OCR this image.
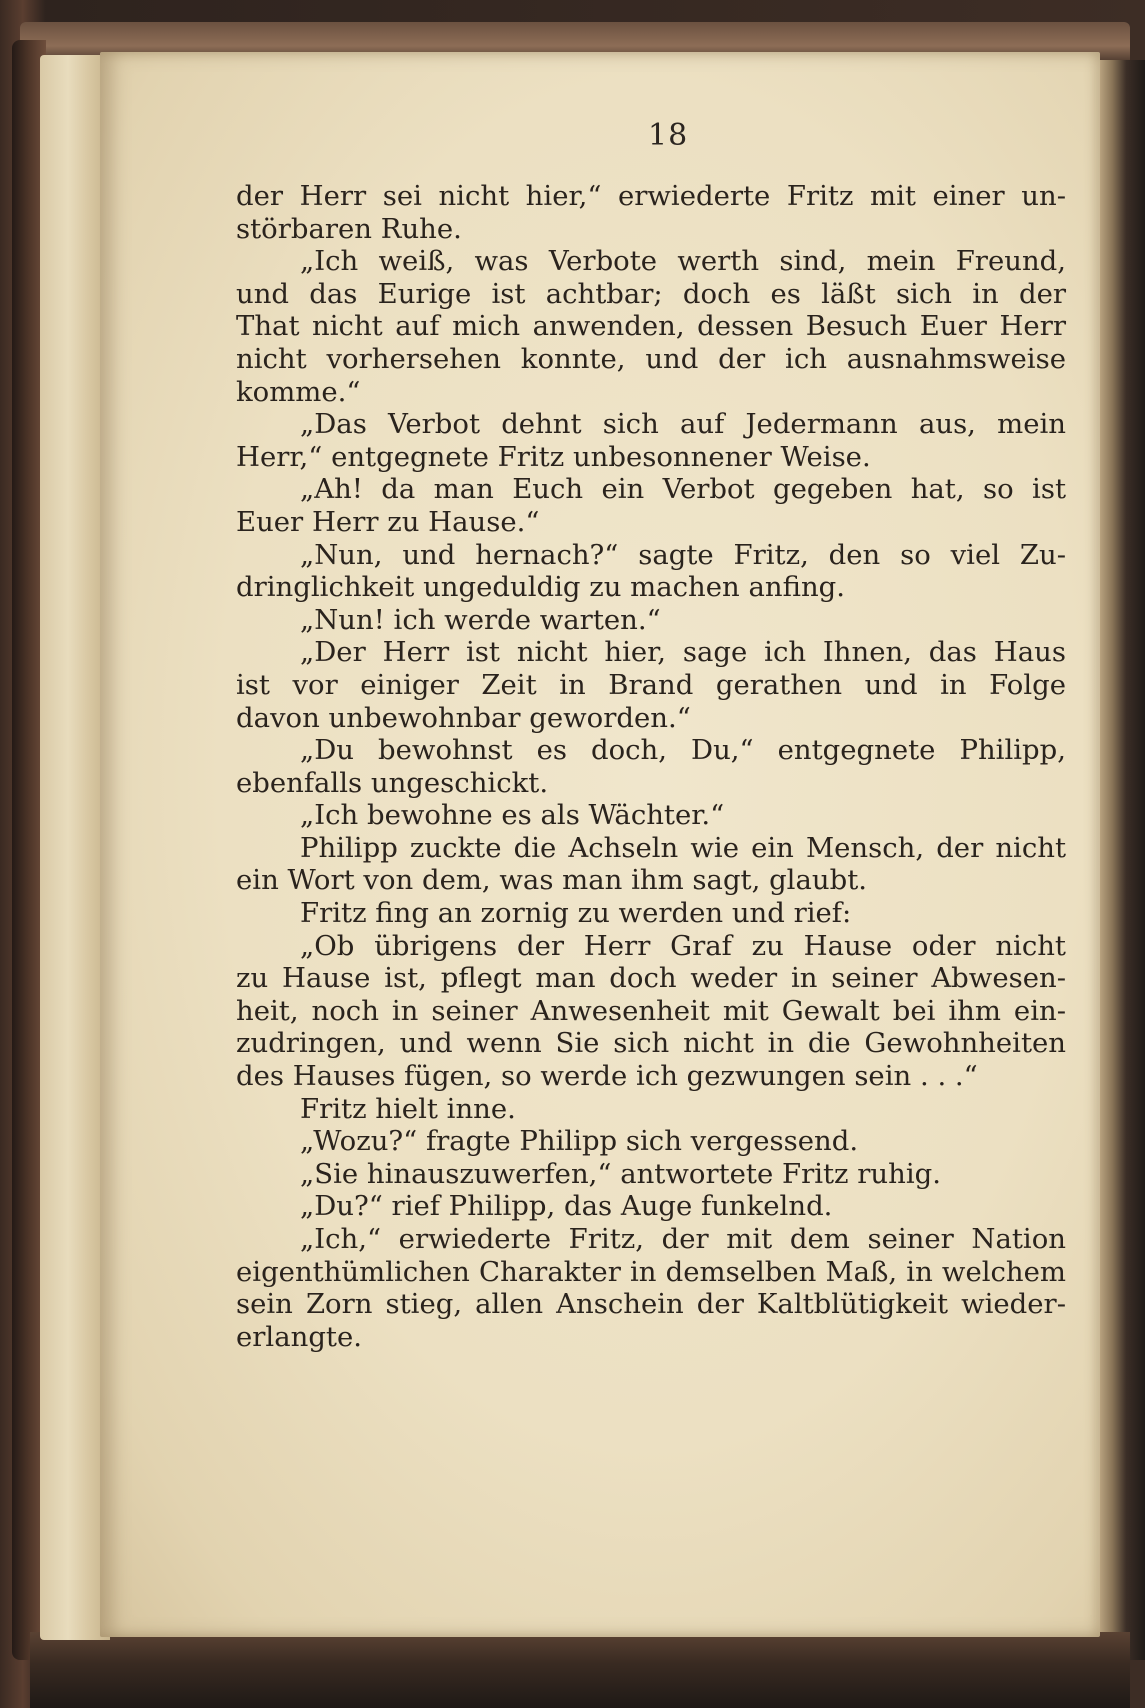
18
der Herr sei nicht hier,“ erwiederte Fritz mit einer un-
störbaren Ruhe.
„Ich weiß, was Verbote werth sind, mein Freund,
und das Eurige ist achtbar; doch es läßt sich in der
That nicht auf mich anwenden, dessen Besuch Euer Herr
nicht vorhersehen konnte, und der ich ausnahmsweise
komme.“
„Das Verbot dehnt sich auf Jedermann aus, mein
Herr,“ entgegnete Fritz unbesonnener Weise.
„Ah! da man Euch ein Verbot gegeben hat, so ist
Euer Herr zu Hause.“
„Nun, und hernach?“ sagte Fritz, den so viel Zu-
dringlichkeit ungeduldig zu machen anfing.
„Nun! ich werde warten.“
„Der Herr ist nicht hier, sage ich Ihnen, das Haus
ist vor einiger Zeit in Brand gerathen und in Folge
davon unbewohnbar geworden.“
„Du bewohnst es doch, Du,“ entgegnete Philipp,
ebenfalls ungeschickt.
„Ich bewohne es als Wächter.“
Philipp zuckte die Achseln wie ein Mensch, der nicht
ein Wort von dem, was man ihm sagt, glaubt.
Fritz fing an zornig zu werden und rief:
„Ob übrigens der Herr Graf zu Hause oder nicht
zu Hause ist, pflegt man doch weder in seiner Abwesen-
heit, noch in seiner Anwesenheit mit Gewalt bei ihm ein-
zudringen, und wenn Sie sich nicht in die Gewohnheiten
des Hauses fügen, so werde ich gezwungen sein . . .“
Fritz hielt inne.
„Wozu?“ fragte Philipp sich vergessend.
„Sie hinauszuwerfen,“ antwortete Fritz ruhig.
„Du?“ rief Philipp, das Auge funkelnd.
„Ich,“ erwiederte Fritz, der mit dem seiner Nation
eigenthümlichen Charakter in demselben Maß, in welchem
sein Zorn stieg, allen Anschein der Kaltblütigkeit wieder-
erlangte.
